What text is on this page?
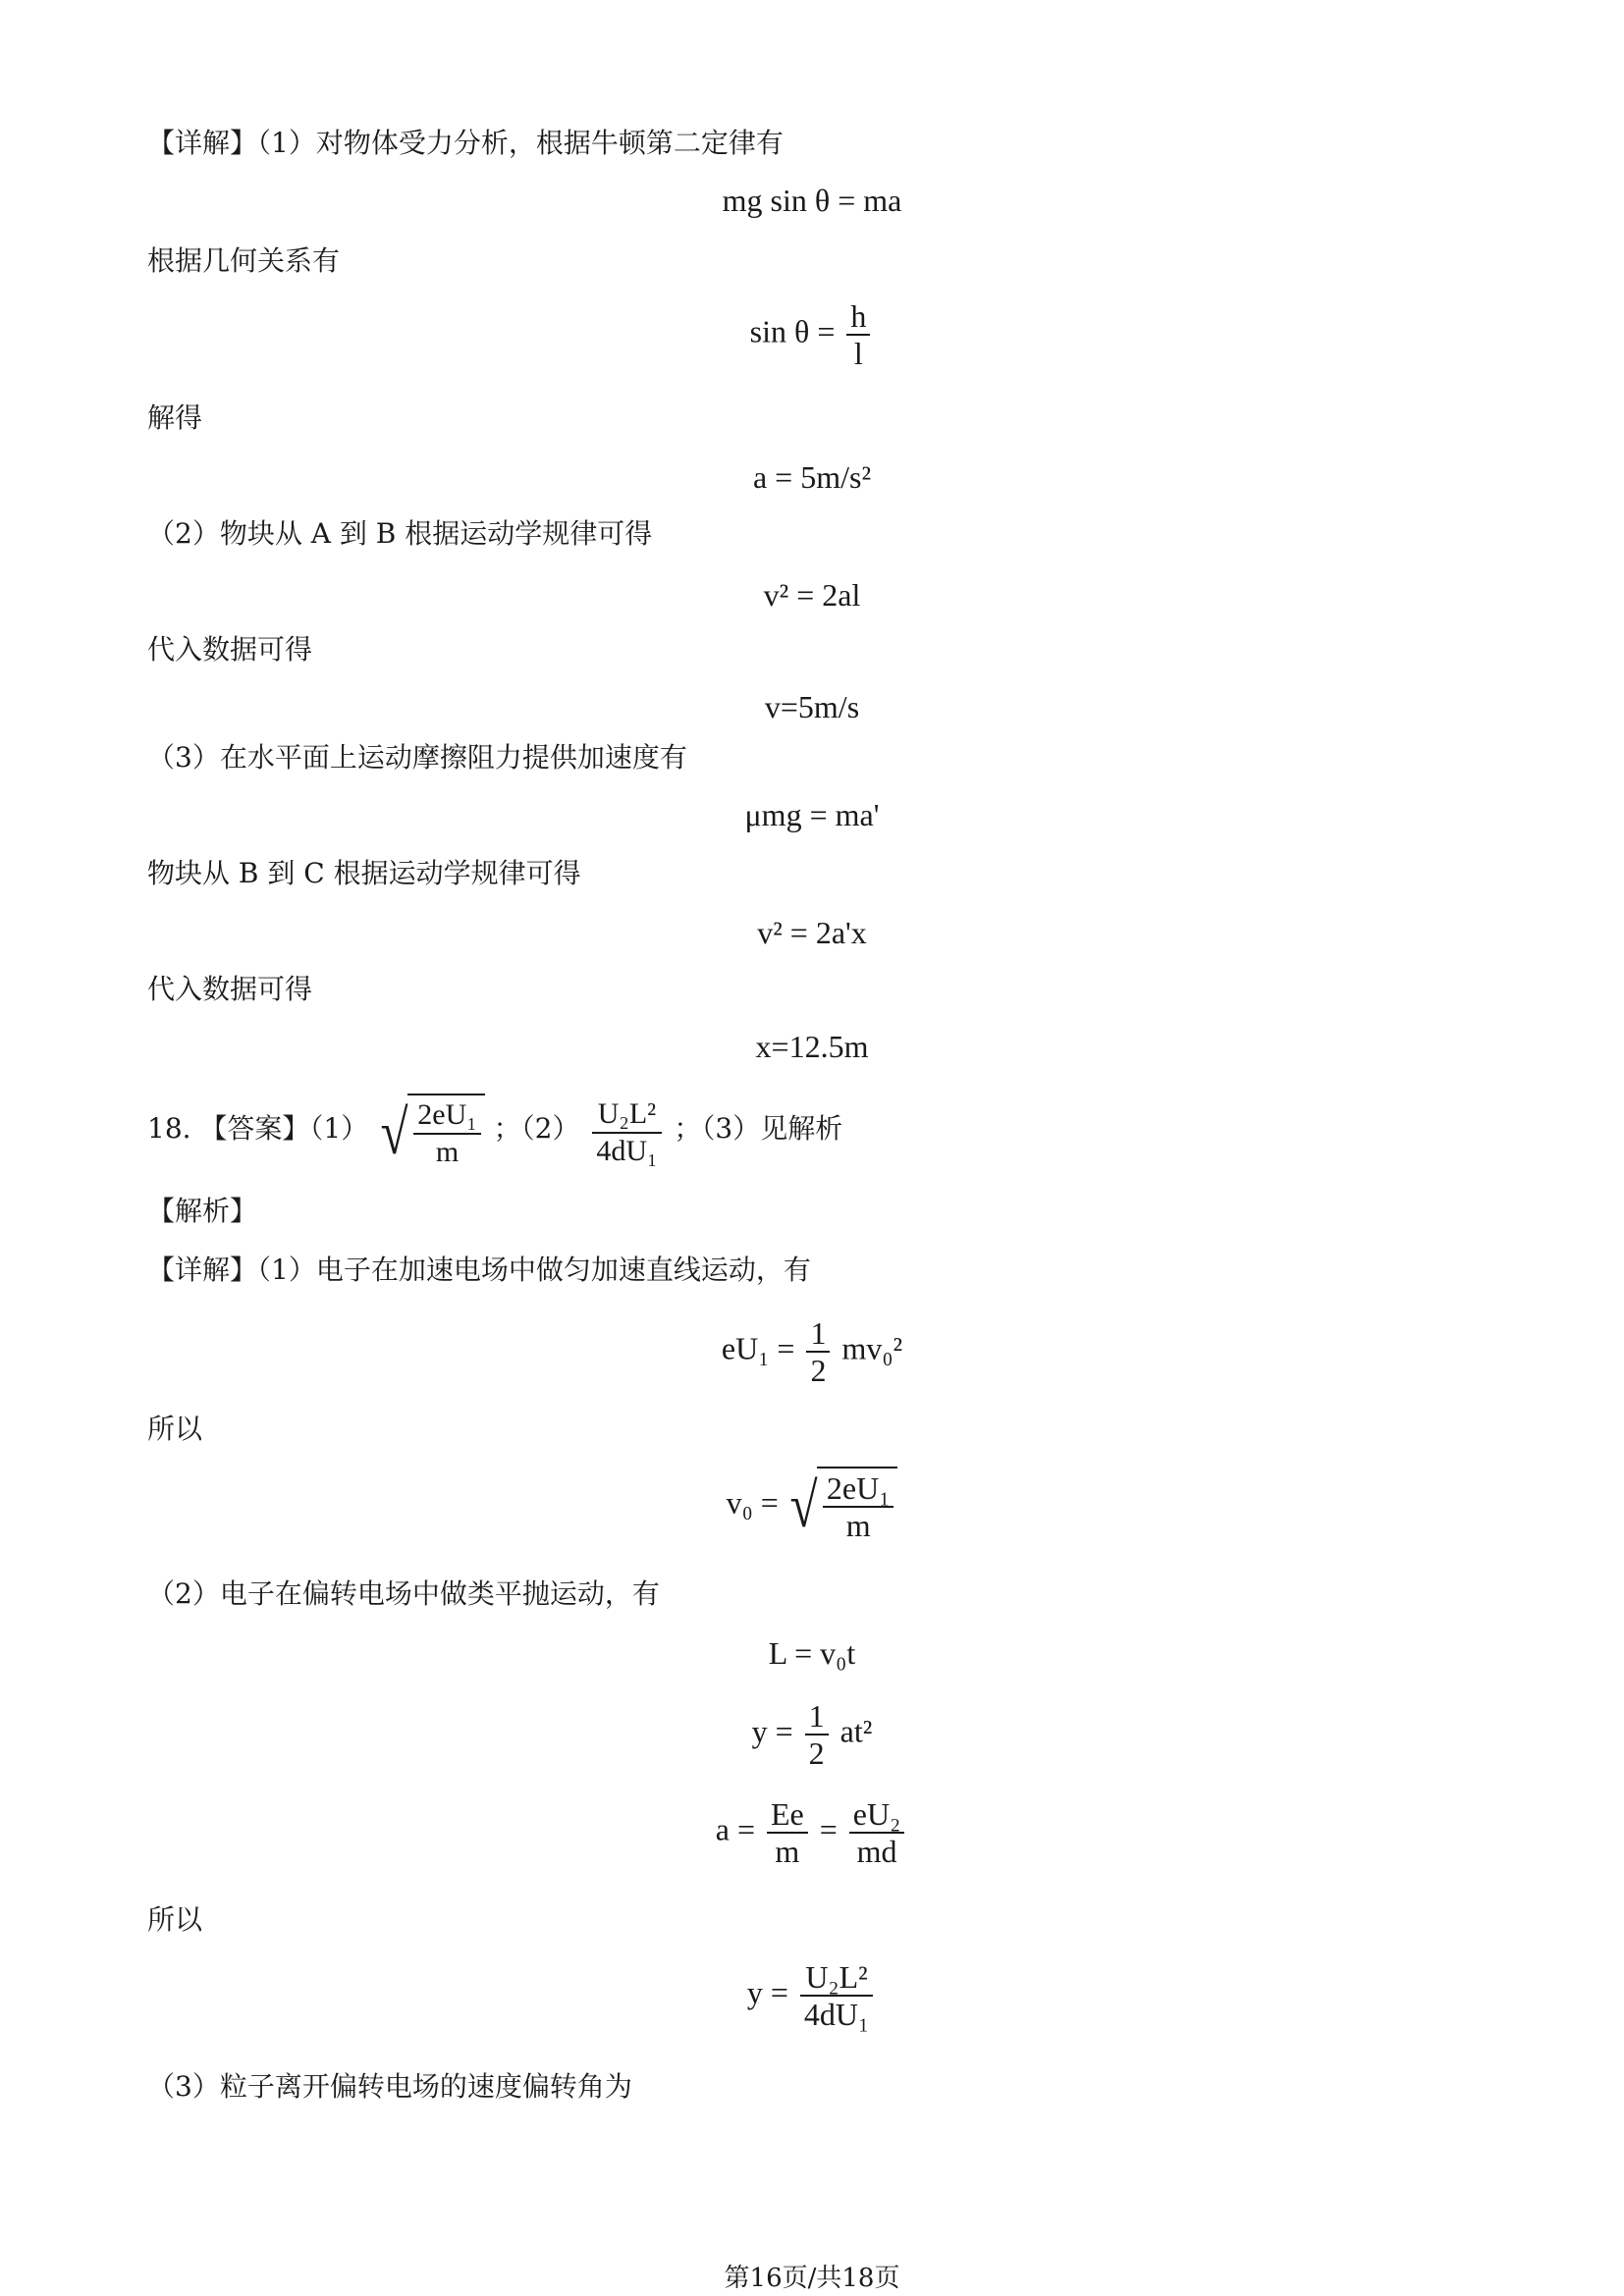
【详解】（1）对物体受力分析，根据牛顿第二定律有
mg sin θ = ma
根据几何关系有
$\sin \theta = \frac{h}{l}$
解得
a = 5m/s²
（2）物块从 A 到 B 根据运动学规律可得
v² = 2al
代入数据可得
v=5m/s
（3）在水平面上运动摩擦阻力提供加速度有
μmg = ma'
物块从 B 到 C 根据运动学规律可得
v² = 2a'x
代入数据可得
x=12.5m
18. 【答案】（1） √ $\frac{\text{2eU₁}}{m}$ ；$(2) \frac{\text{U₂L²}}{\text{4dU₁}}$ ；（3）见解析
【解析】
【详解】（1）电子在加速电场中做匀加速直线运动，有
$eU_1 = \frac{1}{2} mv_0^2$
所以
v₀ = √ $\frac{\text{2eU₁}}{m}$
（2）电子在偏转电场中做类平抛运动，有
L = v₀t
$y = \frac{1}{2} at^2$
$a = \frac{Ee}{m} = \frac{\text{eU₂}}{md}$
所以
$y = \frac{\text{U₂L²}}{\text{4dU₁}}$
（3）粒子离开偏转电场的速度偏转角为
第16页/共18页
